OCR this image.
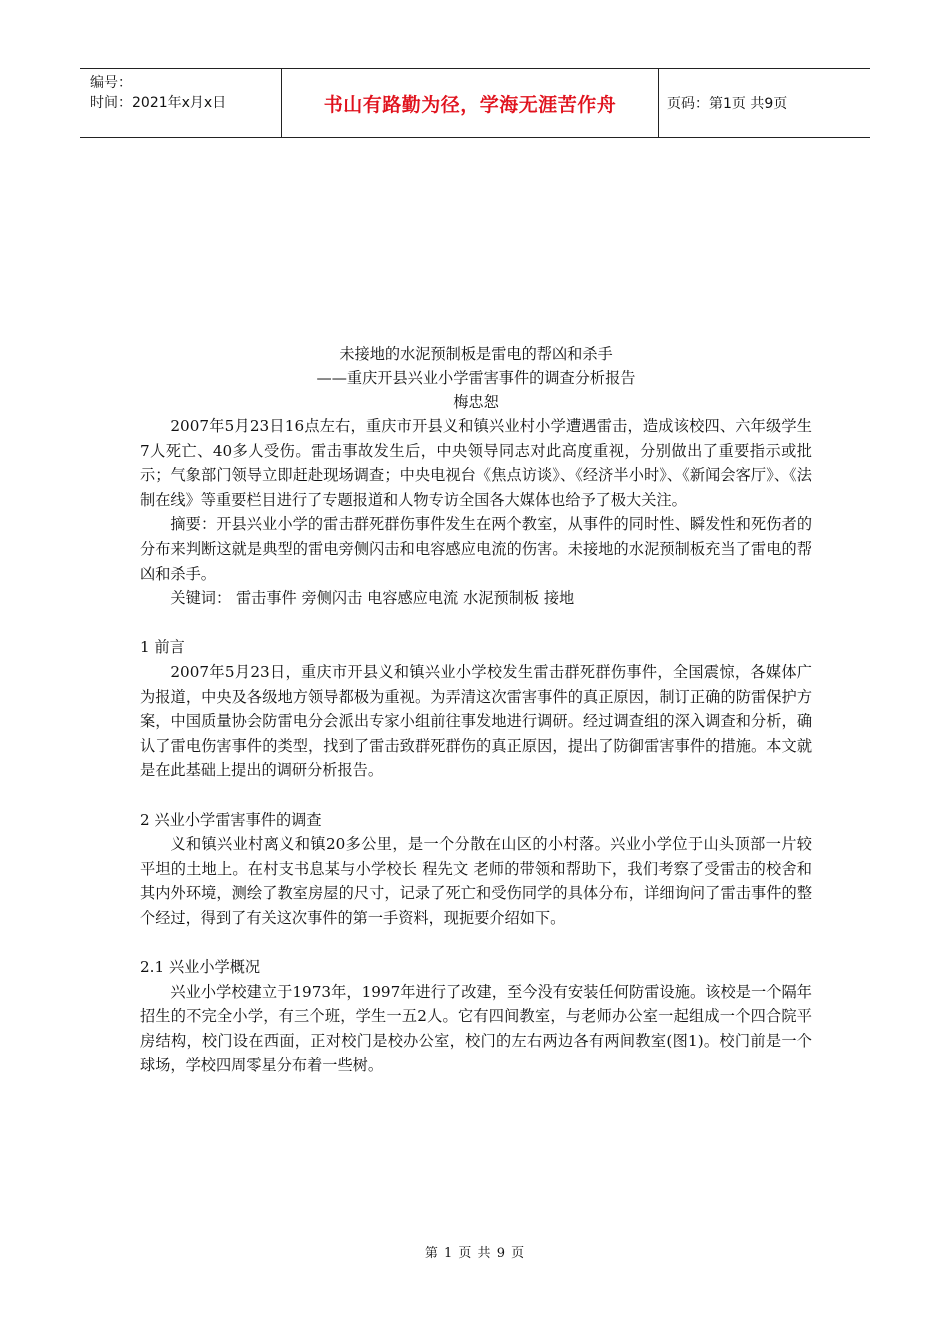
编号：
时间：2021年x月x日	书山有路勤为径，学海无涯苦作舟	页码：第1页 共9页
未接地的水泥预制板是雷电的帮凶和杀手
——重庆开县兴业小学雷害事件的调查分析报告
梅忠恕

2007年5月23日16点左右，重庆市开县义和镇兴业村小学遭遇雷击，造成该校四、六年级学生7人死亡、40多人受伤。雷击事故发生后，中央领导同志对此高度重视，分别做出了重要指示或批示；气象部门领导立即赶赴现场调查；中央电视台《焦点访谈》、《经济半小时》、《新闻会客厅》、《法制在线》等重要栏目进行了专题报道和人物专访全国各大媒体也给予了极大关注。

摘要：开县兴业小学的雷击群死群伤事件发生在两个教室，从事件的同时性、瞬发性和死伤者的分布来判断这就是典型的雷电旁侧闪击和电容感应电流的伤害。未接地的水泥预制板充当了雷电的帮凶和杀手。

关键词： 雷击事件 旁侧闪击 电容感应电流 水泥预制板 接地

1 前言

2007年5月23日，重庆市开县义和镇兴业小学校发生雷击群死群伤事件，全国震惊，各媒体广为报道，中央及各级地方领导都极为重视。为弄清这次雷害事件的真正原因，制订正确的防雷保护方案，中国质量协会防雷电分会派出专家小组前往事发地进行调研。经过调查组的深入调查和分析，确认了雷电伤害事件的类型，找到了雷击致群死群伤的真正原因，提出了防御雷害事件的措施。本文就是在此基础上提出的调研分析报告。

2 兴业小学雷害事件的调查

义和镇兴业村离义和镇20多公里，是一个分散在山区的小村落。兴业小学位于山头顶部一片较平坦的土地上。在村支书息某与小学校长 程先文 老师的带领和帮助下，我们考察了受雷击的校舍和其内外环境，测绘了教室房屋的尺寸，记录了死亡和受伤同学的具体分布，详细询问了雷击事件的整个经过，得到了有关这次事件的第一手资料，现扼要介绍如下。

2.1 兴业小学概况

兴业小学校建立于1973年，1997年进行了改建，至今没有安装任何防雷设施。该校是一个隔年招生的不完全小学，有三个班，学生一五2人。它有四间教室，与老师办公室一起组成一个四合院平房结构，校门设在西面，正对校门是校办公室，校门的左右两边各有两间教室(图1)。校门前是一个球场，学校四周零星分布着一些树。

第 1 页 共 9 页
